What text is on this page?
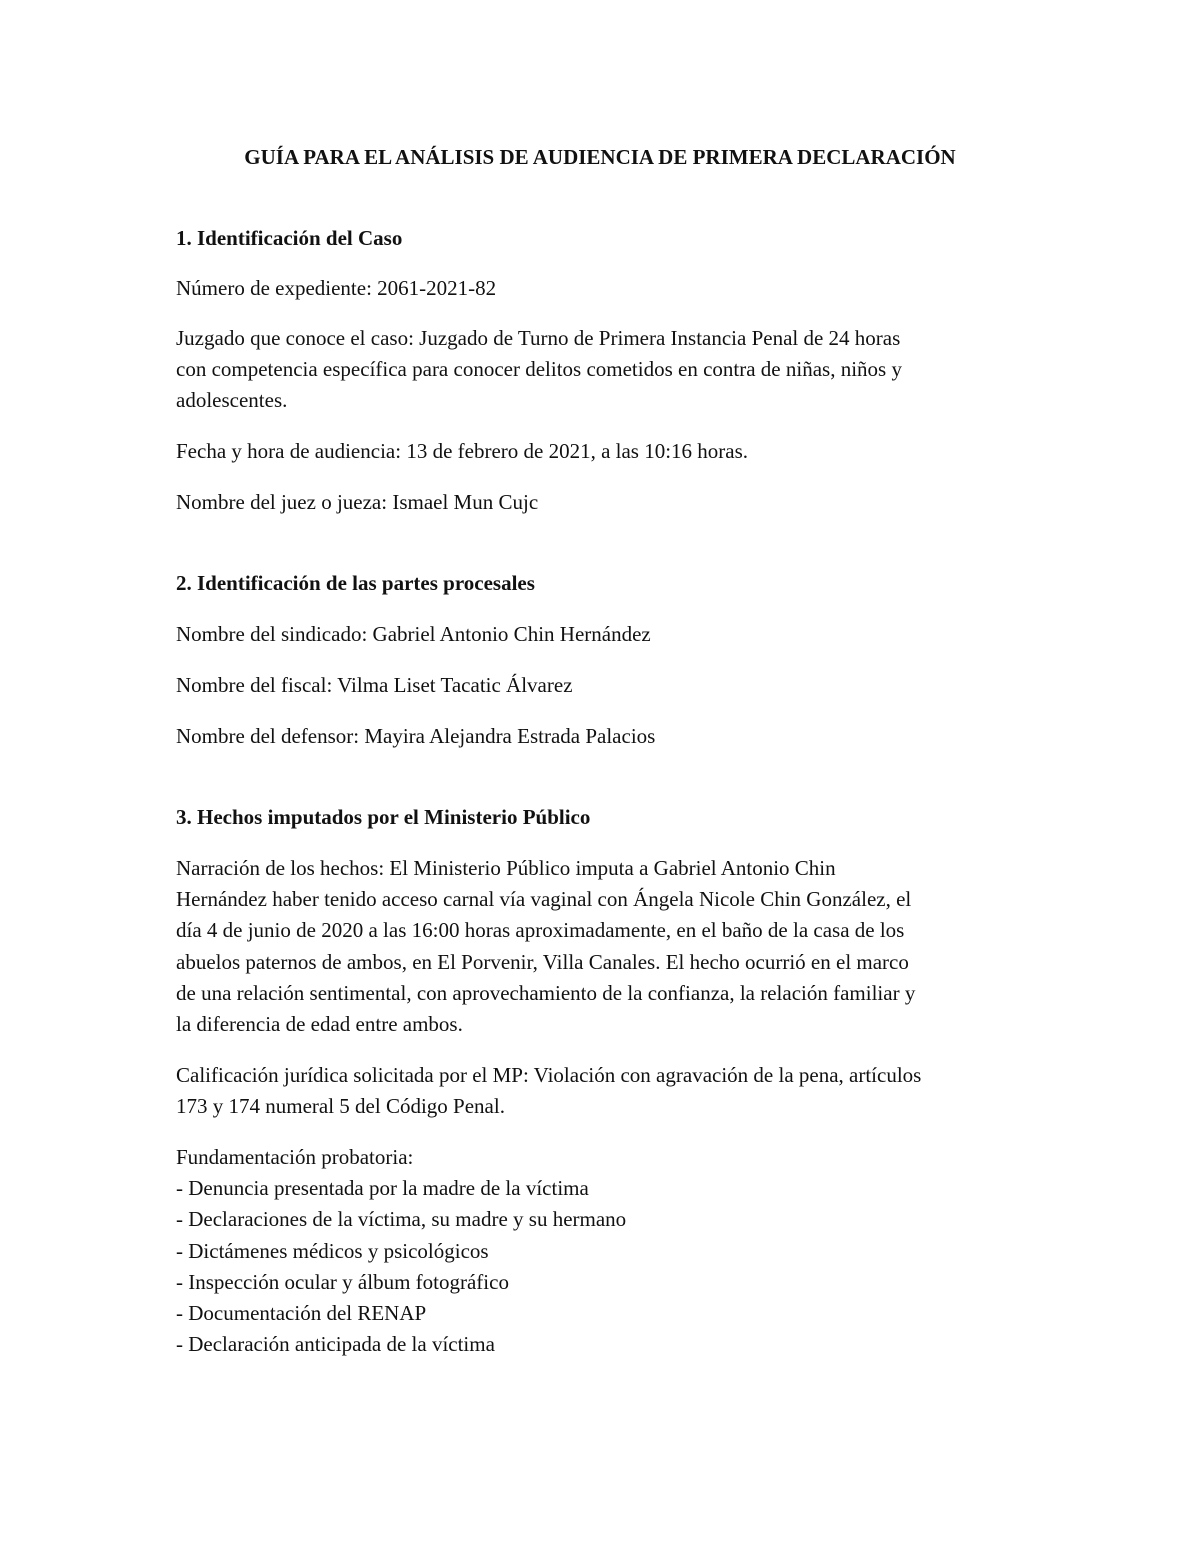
GUÍA PARA EL ANÁLISIS DE AUDIENCIA DE PRIMERA DECLARACIÓN

1. Identificación del Caso

Número de expediente: 2061-2021-82

Juzgado que conoce el caso: Juzgado de Turno de Primera Instancia Penal de 24 horas
con competencia específica para conocer delitos cometidos en contra de niñas, niños y
adolescentes.

Fecha y hora de audiencia: 13 de febrero de 2021, a las 10:16 horas.

Nombre del juez o jueza: Ismael Mun Cujc

2. Identificación de las partes procesales

Nombre del sindicado: Gabriel Antonio Chin Hernández

Nombre del fiscal: Vilma Liset Tacatic Álvarez

Nombre del defensor: Mayira Alejandra Estrada Palacios

3. Hechos imputados por el Ministerio Público

Narración de los hechos: El Ministerio Público imputa a Gabriel Antonio Chin
Hernández haber tenido acceso carnal vía vaginal con Ángela Nicole Chin González, el
día 4 de junio de 2020 a las 16:00 horas aproximadamente, en el baño de la casa de los
abuelos paternos de ambos, en El Porvenir, Villa Canales. El hecho ocurrió en el marco
de una relación sentimental, con aprovechamiento de la confianza, la relación familiar y
la diferencia de edad entre ambos.

Calificación jurídica solicitada por el MP: Violación con agravación de la pena, artículos
173 y 174 numeral 5 del Código Penal.

Fundamentación probatoria:
- Denuncia presentada por la madre de la víctima
- Declaraciones de la víctima, su madre y su hermano
- Dictámenes médicos y psicológicos
- Inspección ocular y álbum fotográfico
- Documentación del RENAP
- Declaración anticipada de la víctima
